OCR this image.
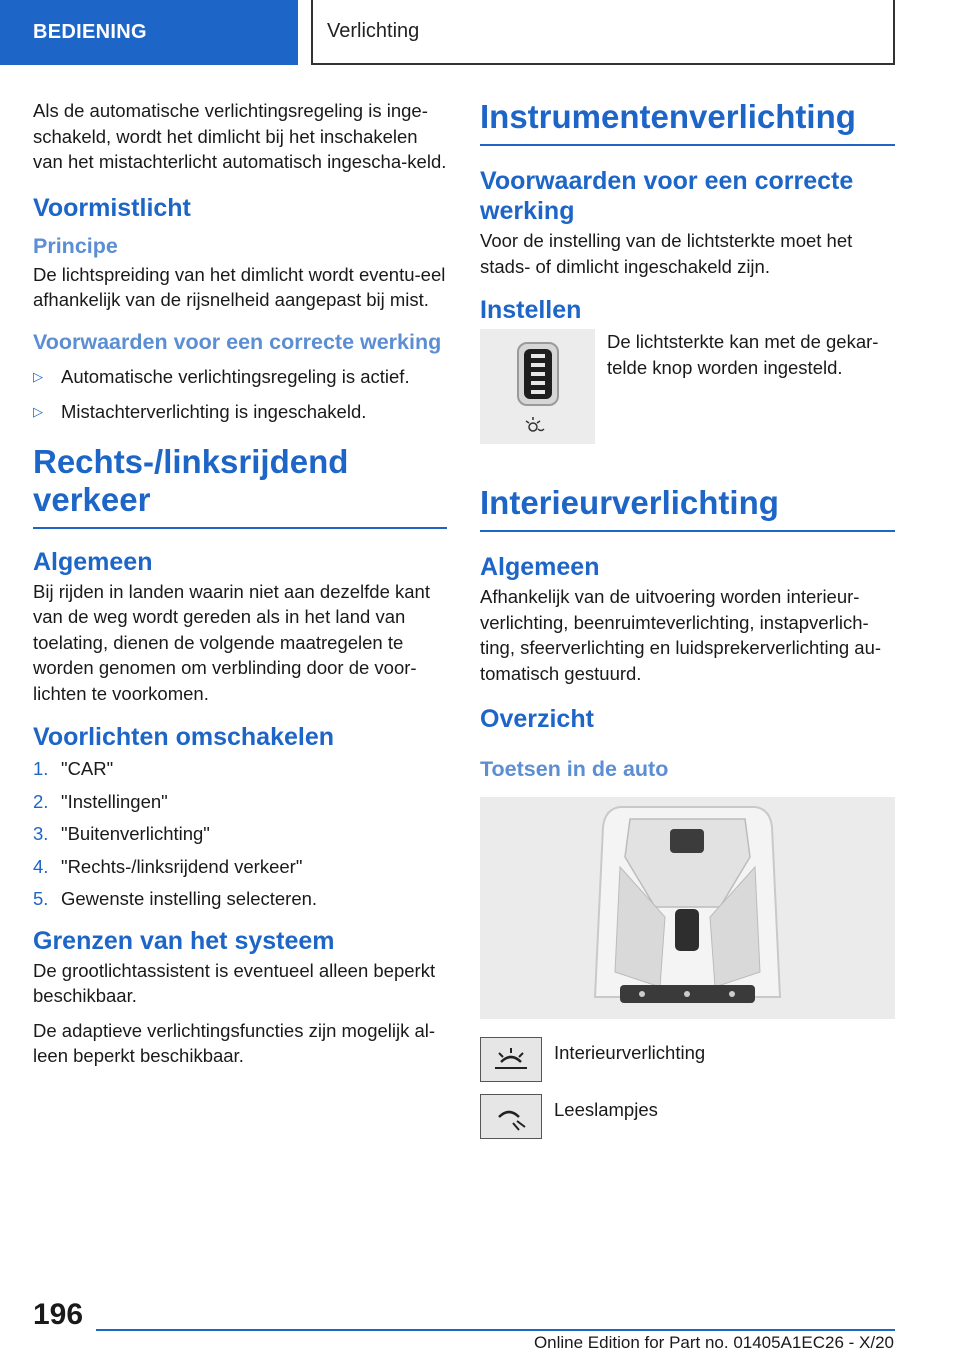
BEDIENING	Verlichting

Als de automatische verlichtingsregeling is inge-schakeld, wordt het dimlicht bij het inschakelen van het mistachterlicht automatisch ingescha-keld.

Voormistlicht
Principe

De lichtspreiding van het dimlicht wordt eventu-eel afhankelijk van de rijsnelheid aangepast bij mist.

Voorwaarden voor een correcte werking
▷ Automatische verlichtingsregeling is actief.
▷ Mistachterverlichting is ingeschakeld.
Rechts-/linksrijdend verkeer
Algemeen

Bij rijden in landen waarin niet aan dezelfde kant van de weg wordt gereden als in het land van toelating, dienen de volgende maatregelen te worden genomen om verblinding door de voor-lichten te voorkomen.

Voorlichten omschakelen
1. "CAR"
2. "Instellingen"
3. "Buitenverlichting"
4. "Rechts-/linksrijdend verkeer"
5. Gewenste instelling selecteren.
Grenzen van het systeem

De grootlichtassistent is eventueel alleen beperkt beschikbaar.

De adaptieve verlichtingsfuncties zijn mogelijk al-leen beperkt beschikbaar.

Instrumentenverlichting
Voorwaarden voor een correcte werking

Voor de instelling van de lichtsterkte moet het stads- of dimlicht ingeschakeld zijn.

Instellen

De lichtsterkte kan met de gekar-telde knop worden ingesteld.

Interieurverlichting
Algemeen

Afhankelijk van de uitvoering worden interieur-verlichting, beenruimteverlichting, instapverlich-ting, sfeerverlichting en luidsprekerverlichting au-tomatisch gestuurd.

Overzicht
Toetsen in de auto
Interieurverlichting
Leeslampjes
196
Online Edition for Part no. 01405A1EC26 - X/20
